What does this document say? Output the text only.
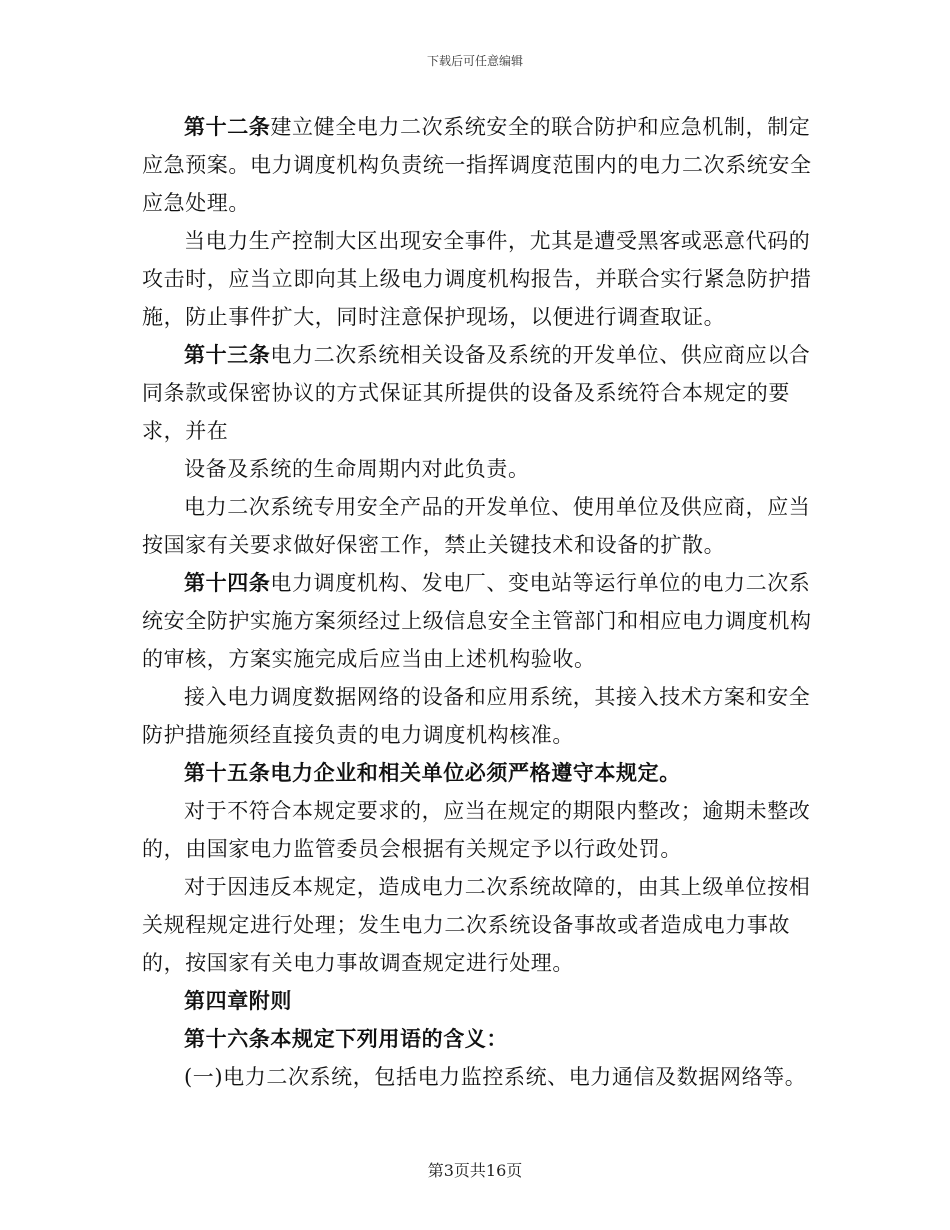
下载后可任意编辑

第十二条建立健全电力二次系统安全的联合防护和应急机制，制定应急预案。电力调度机构负责统一指挥调度范围内的电力二次系统安全应急处理。

当电力生产控制大区出现安全事件，尤其是遭受黑客或恶意代码的攻击时，应当立即向其上级电力调度机构报告，并联合实行紧急防护措施，防止事件扩大，同时注意保护现场，以便进行调查取证。

第十三条电力二次系统相关设备及系统的开发单位、供应商应以合同条款或保密协议的方式保证其所提供的设备及系统符合本规定的要求，并在

设备及系统的生命周期内对此负责。

电力二次系统专用安全产品的开发单位、使用单位及供应商，应当按国家有关要求做好保密工作，禁止关键技术和设备的扩散。

第十四条电力调度机构、发电厂、变电站等运行单位的电力二次系统安全防护实施方案须经过上级信息安全主管部门和相应电力调度机构的审核，方案实施完成后应当由上述机构验收。

接入电力调度数据网络的设备和应用系统，其接入技术方案和安全防护措施须经直接负责的电力调度机构核准。

第十五条电力企业和相关单位必须严格遵守本规定。

对于不符合本规定要求的，应当在规定的期限内整改；逾期未整改的，由国家电力监管委员会根据有关规定予以行政处罚。

对于因违反本规定，造成电力二次系统故障的，由其上级单位按相关规程规定进行处理；发生电力二次系统设备事故或者造成电力事故的，按国家有关电力事故调查规定进行处理。

第四章附则

第十六条本规定下列用语的含义：

(一)电力二次系统，包括电力监控系统、电力通信及数据网络等。

第3页共16页
